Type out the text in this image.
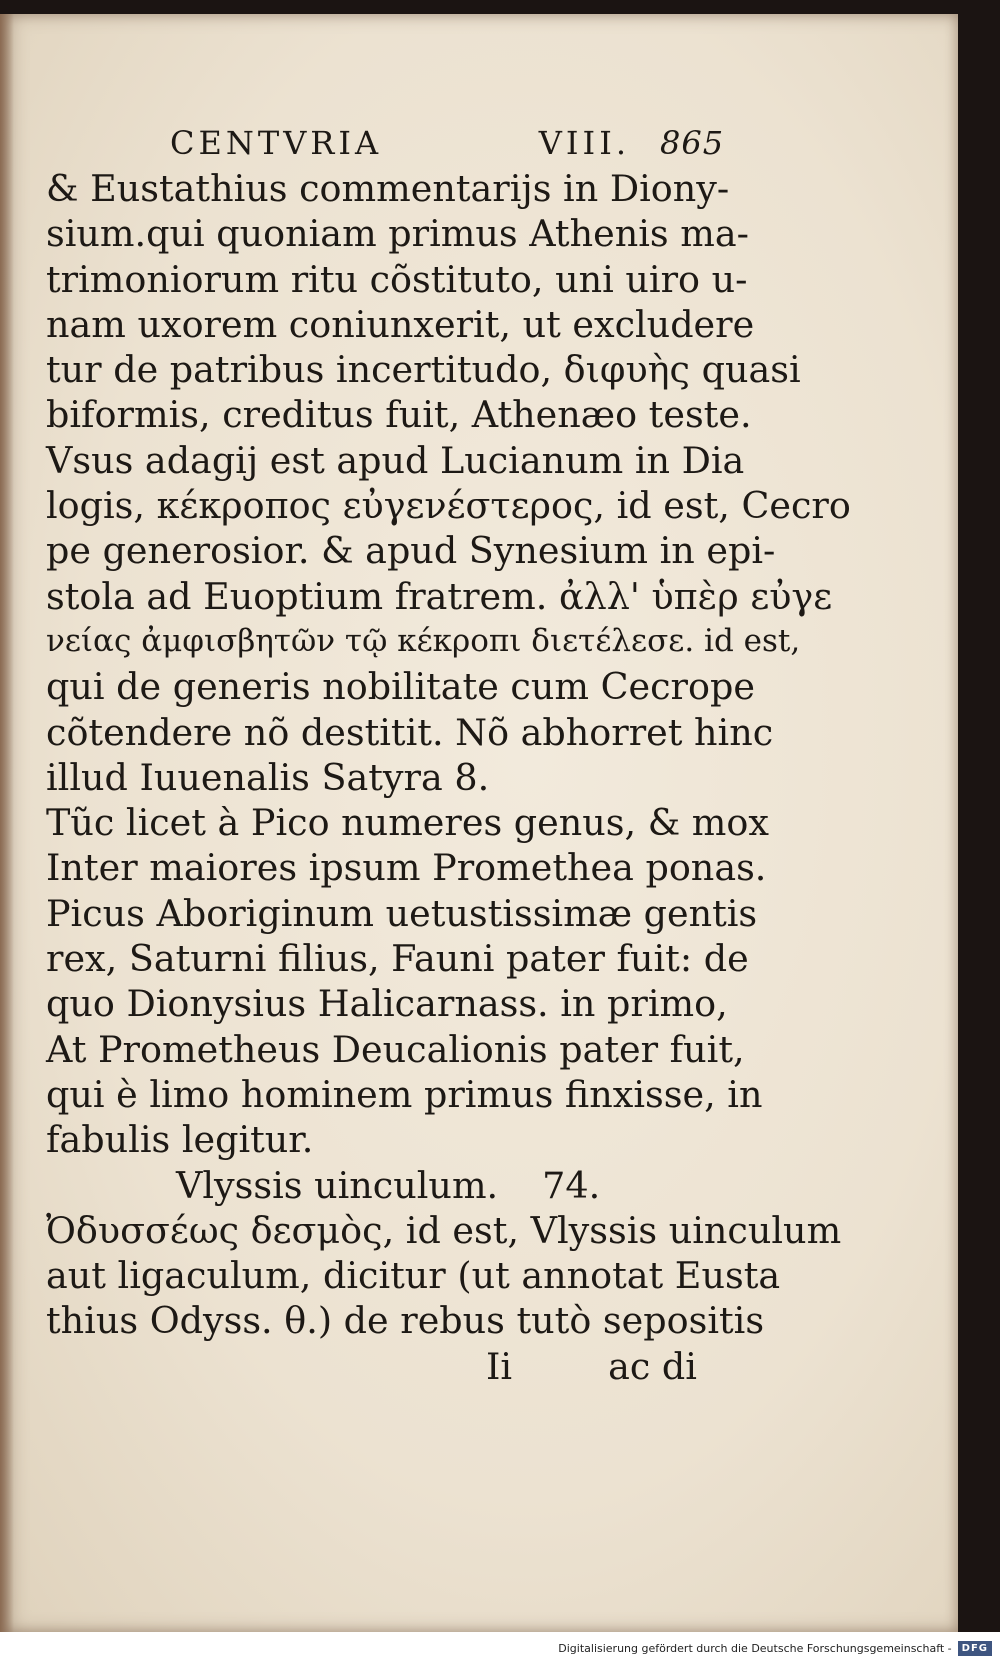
CENTVRIA	VIII. 865
& Eustathius commentarijs in Diony-
sium.qui quoniam primus Athenis ma-
trimoniorum ritu cõstituto, uni uiro u-
nam uxorem coniunxerit, ut excludere
tur de patribus incertitudo, διφυὴς quasi
biformis, creditus fuit, Athenæo teste.
Vsus adagij est apud Lucianum in Dia
logis, κέκροπος εὐγενέστερος, id est, Cecro
pe generosior. & apud Synesium in epi-
stola ad Euoptium fratrem. ἀλλ' ὑπὲρ εὐγε
νείας ἀμφισβητῶν τῷ κέκροπι διετέλεσε. id est,
qui de generis nobilitate cum Cecrope
cõtendere nõ destitit. Nõ abhorret hinc
illud Iuuenalis Satyra 8.
Tũc licet à Pico numeres genus, & mox
Inter maiores ipsum Promethea ponas.
Picus Aboriginum uetustissimæ gentis
rex, Saturni filius, Fauni pater fuit: de
quo Dionysius Halicarnass. in primo,
At Prometheus Deucalionis pater fuit,
qui è limo hominem primus finxisse, in
fabulis legitur.
Vlyssis uinculum. 74.
Ὀδυσσέως δεσμὸς, id est, Vlyssis uinculum
aut ligaculum, dicitur (ut annotat Eusta
thius Odyss. θ.) de rebus tutò sepositis
Ii	ac di
Digitalisierung gefördert durch die Deutsche Forschungsgemeinschaft -	DFG
